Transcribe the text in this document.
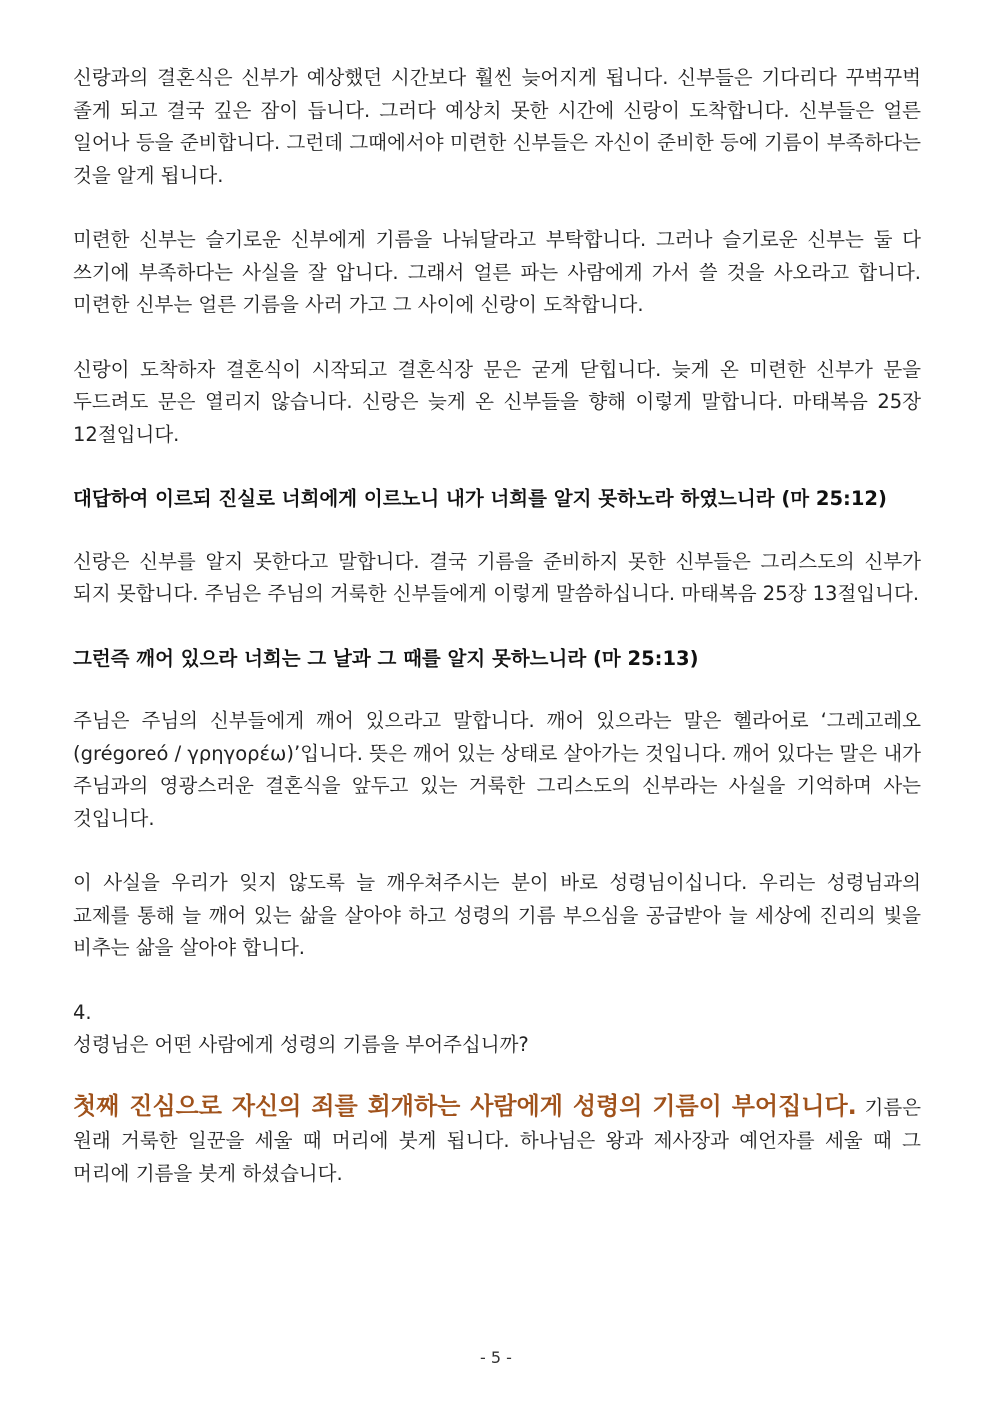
신랑과의 결혼식은 신부가 예상했던 시간보다 훨씬 늦어지게 됩니다. 신부들은 기다리다 꾸벅꾸벅 졸게 되고 결국 깊은 잠이 듭니다. 그러다 예상치 못한 시간에 신랑이 도착합니다. 신부들은 얼른 일어나 등을 준비합니다. 그런데 그때에서야 미련한 신부들은 자신이 준비한 등에 기름이 부족하다는 것을 알게 됩니다.

미련한 신부는 슬기로운 신부에게 기름을 나눠달라고 부탁합니다. 그러나 슬기로운 신부는 둘 다 쓰기에 부족하다는 사실을 잘 압니다. 그래서 얼른 파는 사람에게 가서 쓸 것을 사오라고 합니다. 미련한 신부는 얼른 기름을 사러 가고 그 사이에 신랑이 도착합니다.

신랑이 도착하자 결혼식이 시작되고 결혼식장 문은 굳게 닫힙니다. 늦게 온 미련한 신부가 문을 두드려도 문은 열리지 않습니다. 신랑은 늦게 온 신부들을 향해 이렇게 말합니다. 마태복음 25장 12절입니다.

대답하여 이르되 진실로 너희에게 이르노니 내가 너희를 알지 못하노라 하였느니라 (마 25:12)

신랑은 신부를 알지 못한다고 말합니다. 결국 기름을 준비하지 못한 신부들은 그리스도의 신부가 되지 못합니다. 주님은 주님의 거룩한 신부들에게 이렇게 말씀하십니다. 마태복음 25장 13절입니다.

그런즉 깨어 있으라 너희는 그 날과 그 때를 알지 못하느니라 (마 25:13)

주님은 주님의 신부들에게 깨어 있으라고 말합니다. 깨어 있으라는 말은 헬라어로 ‘그레고레오(grégoreó / γρηγορέω)’입니다. 뜻은 깨어 있는 상태로 살아가는 것입니다. 깨어 있다는 말은 내가 주님과의 영광스러운 결혼식을 앞두고 있는 거룩한 그리스도의 신부라는 사실을 기억하며 사는 것입니다.

이 사실을 우리가 잊지 않도록 늘 깨우쳐주시는 분이 바로 성령님이십니다. 우리는 성령님과의 교제를 통해 늘 깨어 있는 삶을 살아야 하고 성령의 기름 부으심을 공급받아 늘 세상에 진리의 빛을 비추는 삶을 살아야 합니다.

4.

성령님은 어떤 사람에게 성령의 기름을 부어주십니까?

첫째 진심으로 자신의 죄를 회개하는 사람에게 성령의 기름이 부어집니다. 기름은 원래 거룩한 일꾼을 세울 때 머리에 붓게 됩니다. 하나님은 왕과 제사장과 예언자를 세울 때 그 머리에 기름을 붓게 하셨습니다.

- 5 -
